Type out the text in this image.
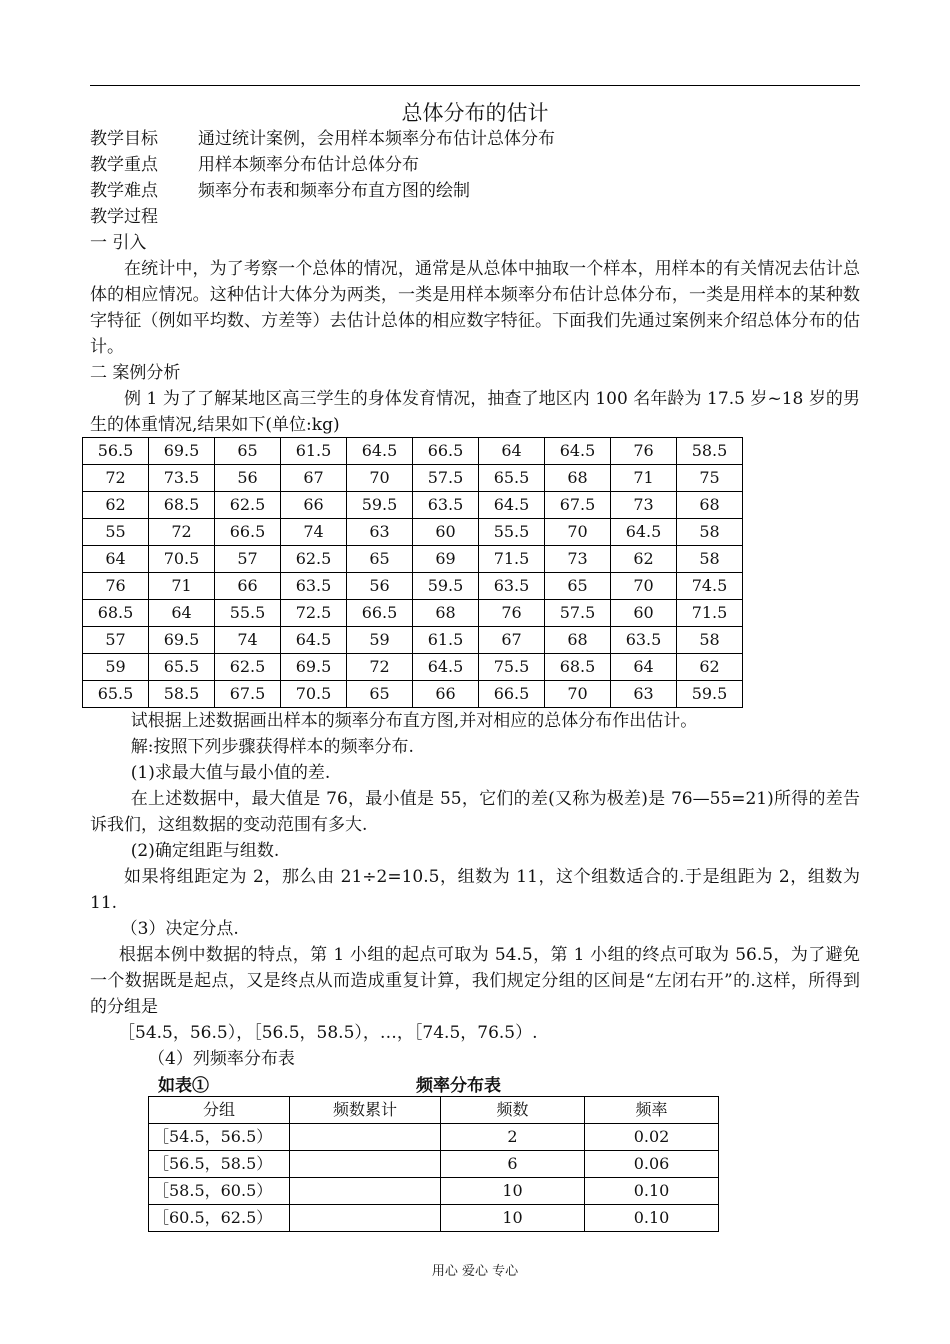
总体分布的估计
教学目标 通过统计案例，会用样本频率分布估计总体分布
教学重点 用样本频率分布估计总体分布
教学难点 频率分布表和频率分布直方图的绘制
教学过程
一 引入
在统计中，为了考察一个总体的情况，通常是从总体中抽取一个样本，用样本的有关情况去估计总体的相应情况。这种估计大体分为两类，一类是用样本频率分布估计总体分布，一类是用样本的某种数字特征（例如平均数、方差等）去估计总体的相应数字特征。下面我们先通过案例来介绍总体分布的估计。
二 案例分析
例 1 为了了解某地区高三学生的身体发育情况，抽查了地区内 100 名年龄为 17.5 岁~18 岁的男生的体重情况,结果如下(单位:kg)
56.5	69.5	65	61.5	64.5	66.5	64	64.5	76	58.5
72	73.5	56	67	70	57.5	65.5	68	71	75
62	68.5	62.5	66	59.5	63.5	64.5	67.5	73	68
55	72	66.5	74	63	60	55.5	70	64.5	58
64	70.5	57	62.5	65	69	71.5	73	62	58
76	71	66	63.5	56	59.5	63.5	65	70	74.5
68.5	64	55.5	72.5	66.5	68	76	57.5	60	71.5
57	69.5	74	64.5	59	61.5	67	68	63.5	58
59	65.5	62.5	69.5	72	64.5	75.5	68.5	64	62
65.5	58.5	67.5	70.5	65	66	66.5	70	63	59.5
试根据上述数据画出样本的频率分布直方图,并对相应的总体分布作出估计。
解:按照下列步骤获得样本的频率分布.
(1)求最大值与最小值的差.
在上述数据中，最大值是 76，最小值是 55，它们的差(又称为极差)是 76—55=21)所得的差告诉我们，这组数据的变动范围有多大.
(2)确定组距与组数.
如果将组距定为 2，那么由 21÷2=10.5，组数为 11，这个组数适合的.于是组距为 2，组数为 11.
（3）决定分点.
根据本例中数据的特点，第 1 小组的起点可取为 54.5，第 1 小组的终点可取为 56.5，为了避免一个数据既是起点，又是终点从而造成重复计算，我们规定分组的区间是“左闭右开”的.这样，所得到的分组是
［54.5，56.5），［56.5，58.5），…，［74.5，76.5）.
（4）列频率分布表
如表①	频率分布表
分组	频数累计	频数	频率
［54.5，56.5）		2	0.02
［56.5，58.5）		6	0.06
［58.5，60.5）		10	0.10
［60.5，62.5）		10	0.10
用心 爱心 专心
